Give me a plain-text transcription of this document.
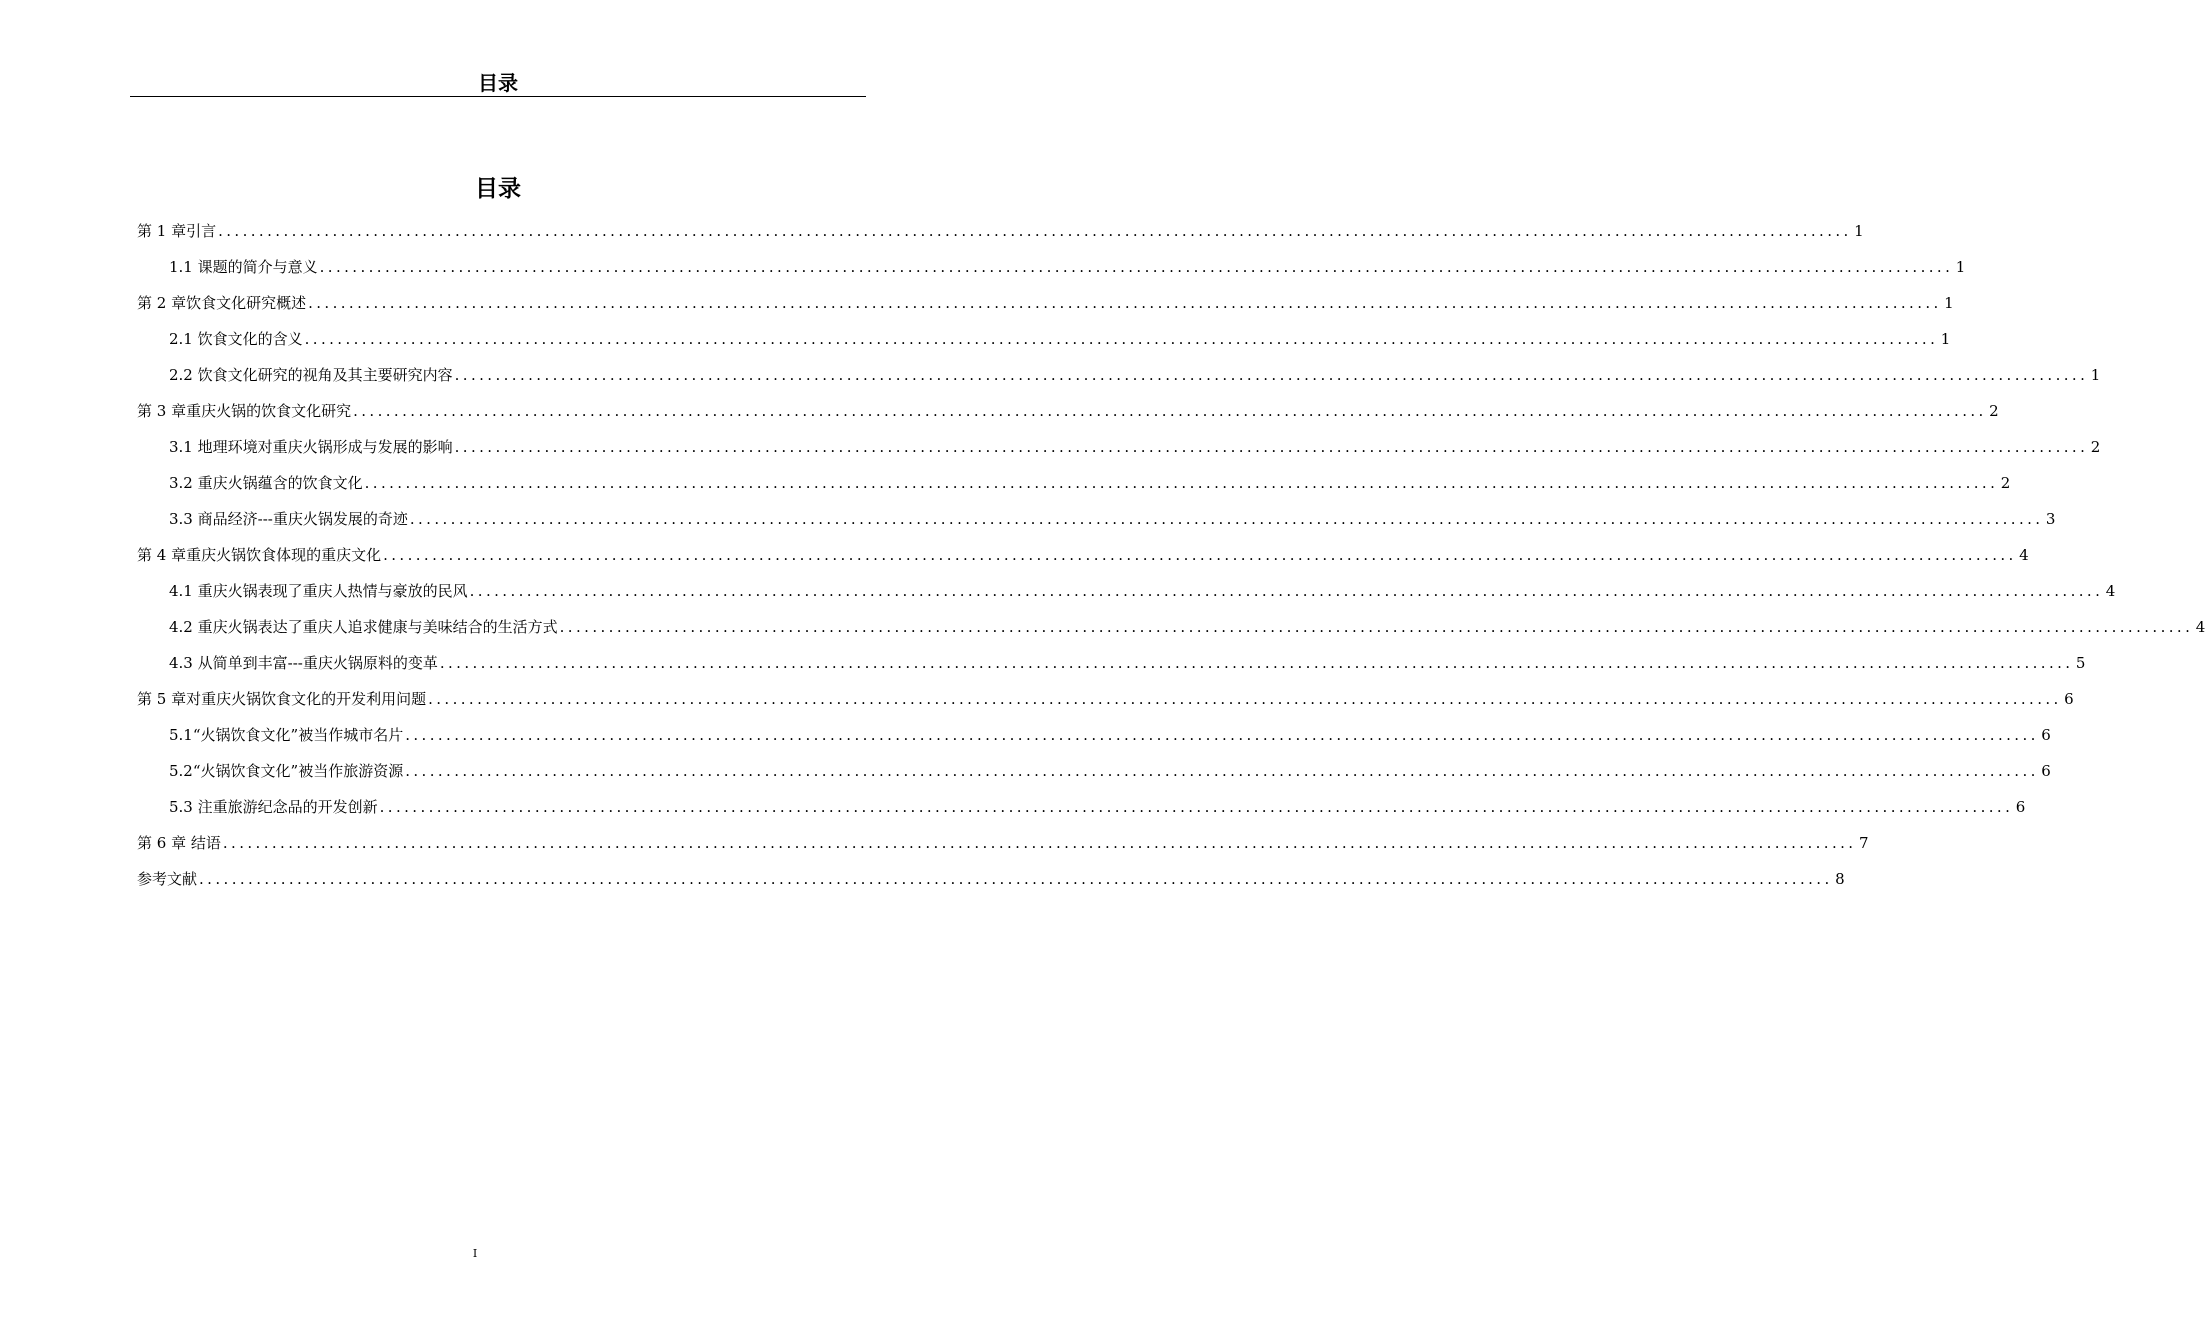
目录
目录
第 1 章引言 ........................................................................................................................................................................................................ 1
1.1 课题的简介与意义 ........................................................................................................................................................................................................ 1
第 2 章饮食文化研究概述 ........................................................................................................................................................................................................ 1
2.1 饮食文化的含义 ........................................................................................................................................................................................................ 1
2.2 饮食文化研究的视角及其主要研究内容 ........................................................................................................................................................................................................ 1
第 3 章重庆火锅的饮食文化研究 ........................................................................................................................................................................................................ 2
3.1 地理环境对重庆火锅形成与发展的影响 ........................................................................................................................................................................................................ 2
3.2 重庆火锅蕴含的饮食文化 ........................................................................................................................................................................................................ 2
3.3 商品经济---重庆火锅发展的奇迹 ........................................................................................................................................................................................................ 3
第 4 章重庆火锅饮食体现的重庆文化 ........................................................................................................................................................................................................ 4
4.1 重庆火锅表现了重庆人热情与豪放的民风 ........................................................................................................................................................................................................ 4
4.2 重庆火锅表达了重庆人追求健康与美味结合的生活方式 ........................................................................................................................................................................................................ 4
4.3 从简单到丰富---重庆火锅原料的变革 ........................................................................................................................................................................................................ 5
第 5 章对重庆火锅饮食文化的开发利用问题 ........................................................................................................................................................................................................ 6
5.1“火锅饮食文化”被当作城市名片 ........................................................................................................................................................................................................ 6
5.2“火锅饮食文化”被当作旅游资源 ........................................................................................................................................................................................................ 6
5.3 注重旅游纪念品的开发创新 ........................................................................................................................................................................................................ 6
第 6 章 结语 ........................................................................................................................................................................................................ 7
参考文献 ........................................................................................................................................................................................................ 8
I
